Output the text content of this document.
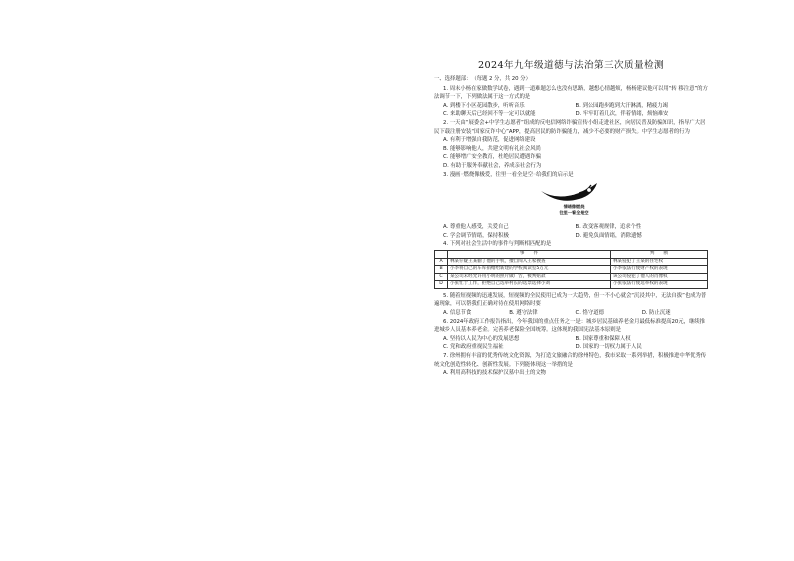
2024年九年级道德与法治第三次质量检测
一、选择题部：　（每题 2 分，共 20 分）
1. 周末小杨在家做数学试卷，遇到一道难题怎么也没有思路，越想心情越烦，杨杨建议他可以用“转 移注意”的方法调节一下，下列做法属于这一方式的是
A. 到楼下小区花园散步，听听音乐	B. 到公园跑步跑到大汗淋漓，精疲力竭
C. 来助聊天后已经回不等一定可以就能	D. 牢牢盯着几次，伴着情绪，烦恼难安
2. 一天由“展委会+中学生志愿者”组成的反电信网络诈骗宣传小组走进社区，向居民普及防骗知识，指导广大居民下载注册安装“国家反诈中心”APP，提高居民的防诈骗能力，减少不必要的财产损失。中学生志愿者的行为
A. 有利于增强自我防范，促进网络建设
B. 能够影响他人，共建文明有礼社会风尚
C. 能够增广安全教育，杜绝居民遭遇诈骗
D. 有助于服务奉献社会，养成亲社会行为
3. 漫画◦燃烧像极爱，往里一看全是空◦给我们的启示是
情绪像燃烧
往里一看全是空
A. 尊重他人感受，关爱自己	B. 改变客观规律，追求个性
C. 学会调节情绪，保持积极	D. 避免负面情绪，消除遗憾
4. 下列对社会生活中的事件与判断相匹配的是
	事　　件	判　　断
A	林某仔疑王某偷了他的手机，擅自闯入王家搜查	林某侵犯了王某的住宅权
B	小李将自己的车库捐赠给新建的学校阅读室5万元	小李依法行使财产权的表现
C	某公司未经允许用小明的照片做广告，被判赔款	该公司侵犯了他人的肖像权
D	小张忙于工作，拒绝自己选举村长的选票选择小刘	小张依法行使选举权的表现
5. 随着短视频的迅速发展，短视频的全民使用已成为一大趋势，但一不小心就会“沉浸其中，无法自拔”也成为普遍现象，可以帮我们正确对待在使用网络时要
A. 信息节食	B. 遵守法律	C. 恪守道德	D. 防止沉迷
6. 2024年政府工作报告指出，今年我国的重点任务之一是：城乡居民基础养老金月最低标准提高20元，继续推进城乡人员基本养老金。完善养老保险全国统筹。这体现的我国宪法基本原则是
A. 坚持以人民为中心的发展思想	B. 国家尊重和保障人权
C. 党和政府重视民生福祉	D. 国家的一切权力属于人民
7. 徐州拥有丰富的优秀传统文化资源，为打造文旅融合的徐州特色，我市采取一系列举措，积极推进中华优秀传统文化创造性转化、创新性发展。下列能体现这一举措的是
A. 利用高科技的技术保护汉墓中出土的文物
